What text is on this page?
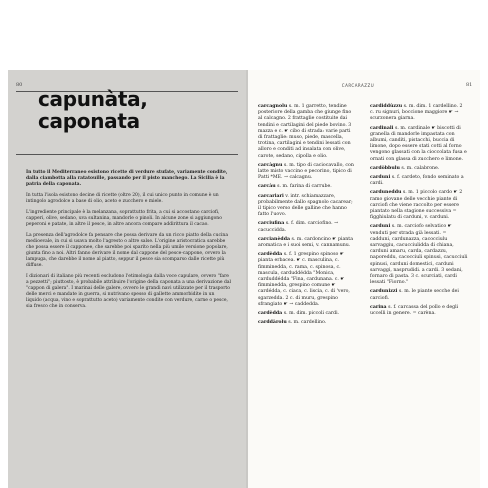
80
capunàta,
caponata

In tutto il Mediterraneo esistono ricette di verdure stufate, variamente condite, dalla ciambotta alla ratatouille, passando per il pisto manchego. La Sicilia è la patria della caponata.

In tutta l'isola esistono decine di ricette (oltre 20), il cui unico punto in comune è un intingolo agrodolce a base di olio, aceto e zucchero e miele.

L'ingrediente principale è la melanzana, soprattutto frita, a cui si accostano carciofi, capperi, olive, sedano, uva sultanina, mandorle o pinoli. In alcune zone si aggiungono peperoni e patate, in altre il pesce, in altre ancora compare addirittura il cacao.

La presenza dell'agrodolce fa pensare che possa derivare da un ricco piatto della cucina medioevale, in cui si usava molto l'agresto o altre salse. L'origine aristocratica sarebbe che possa essere il capponee, che sarebbe poi sparito nella più umile versione popolare, giunta fino a noi. Altri fanno derivare il nome dal cappone del pesce-cappone, ovvero la lampuga, che darebbe il nome al piatto, seppur il pesce sia scomparso dalle ricette più diffuse.

I dizionari di italiano più recenti escludono l'etimologia dalla voce capulare, ovvero "fare a pezzetti"; piuttosto, è probabile attribuire l'origine della caponata a una derivazione dal "cappon di galera". I marinai delle galere, ovvero le grandi navi utilizzate per il trasporto delle merci e mandate in guerra, si nutrivano spesso di gallette ammorbidite in un liquido (acqua, vino e soprattutto aceto) variamente condite con verdure, carne o pesce, sia fresco che in conserva.

CARCARAZZU	81
carcagnolu s. m. 1 garretto, tendine posteriore della gamba che giunge fino al calcagno. 2 frattaglie costituite dai tendini e cartilagini del piede bovino. 3 mazza e c. ☛ cibo di strada: varie parti di frattaglie: muso, piede, mascella, trotina, cartilagini e tendini lessati con alloro e conditi ad insalata con olive, carote, sedano, cipolla e olio.
carcàgnu s. m. tipo di caciocavallo, con latte misto vaccino e pecorino, tipico di Patti *ME. → calcagnu.
carcàu s. m. farina di carrube.
carcariari v. intr. schiamazzare, probabilmente dallo spagnolo cacarear; il tipico verso delle galline che hanno fatto l'uovo.
carciufina s. f. dim. carciofino. → cacuccidda.
carcianèdda s. m. cardoncino ☛ pianta aromatica e i suoi semi, v. cannamunu.
cardèdda s. f. 1 grespino spinoso ☛ pianta erbacea. ☛ c. masculina, c. fimminedda, c. rama, c. spinosa, c. mascula, carduddédda "Monica, carduddédda "Fina, cardunana. c. ☛ fimminedda, grespino comune ☛ cardédda, c. ciaca, c. liscia, c. di 'vero, sgarzedda. 2 c. di muru, grespino sfrangiato ☛ → caddedda.
cardèdda s. m. dim. piccoli cardi.
carddàrolu s. m. cardellino.
cardiddùzzu s. m. dim. 1 cardellino. 2 c. ru signuri, boccione maggiore ☛ → scurzonera giarna.
cardinali s. m. cardinale ☛ biscotti di granella di mandorle impastata con albumi, canditi, pistacchi, buccia di limone, dopo essere stati cotti al forno vengono glassati con la cioccolata fusa e ornati con glassa di zucchero e limone.
cardòbbulu s. m. calabrone.
carduni s. f. cardeto, fondo seminato a cardi.
carduneddu s. m. 1 piccolo cardo ☛ 2 ramo giovane delle vecchie piante di carciofi che viene raccolto per essere piantato nella stagione successiva = figghiulatu di carduni, v. carduni.
carduni s. m. carciofo selvatico ☛ venduti per strada già lessati. = cadduni, cardunazza, cacocciulu sarvaggiu, cacucciulidda di chiana, carduni amaru, carda, cardazzu, naporeddu, cacocciuli spinusi, cacucciuli spinusi, carduni domestici, carduni sarvaggi, nasprudidi. a cardi. 3 sedani, fornaro di pasta. 3 c. scurciati, cardi lessati "Fiorno."
cardunizzi s. m. le piante secche dei carciofi.
carina s. f. carcassa del pollo e degli uccelli in genere. = carèna.
